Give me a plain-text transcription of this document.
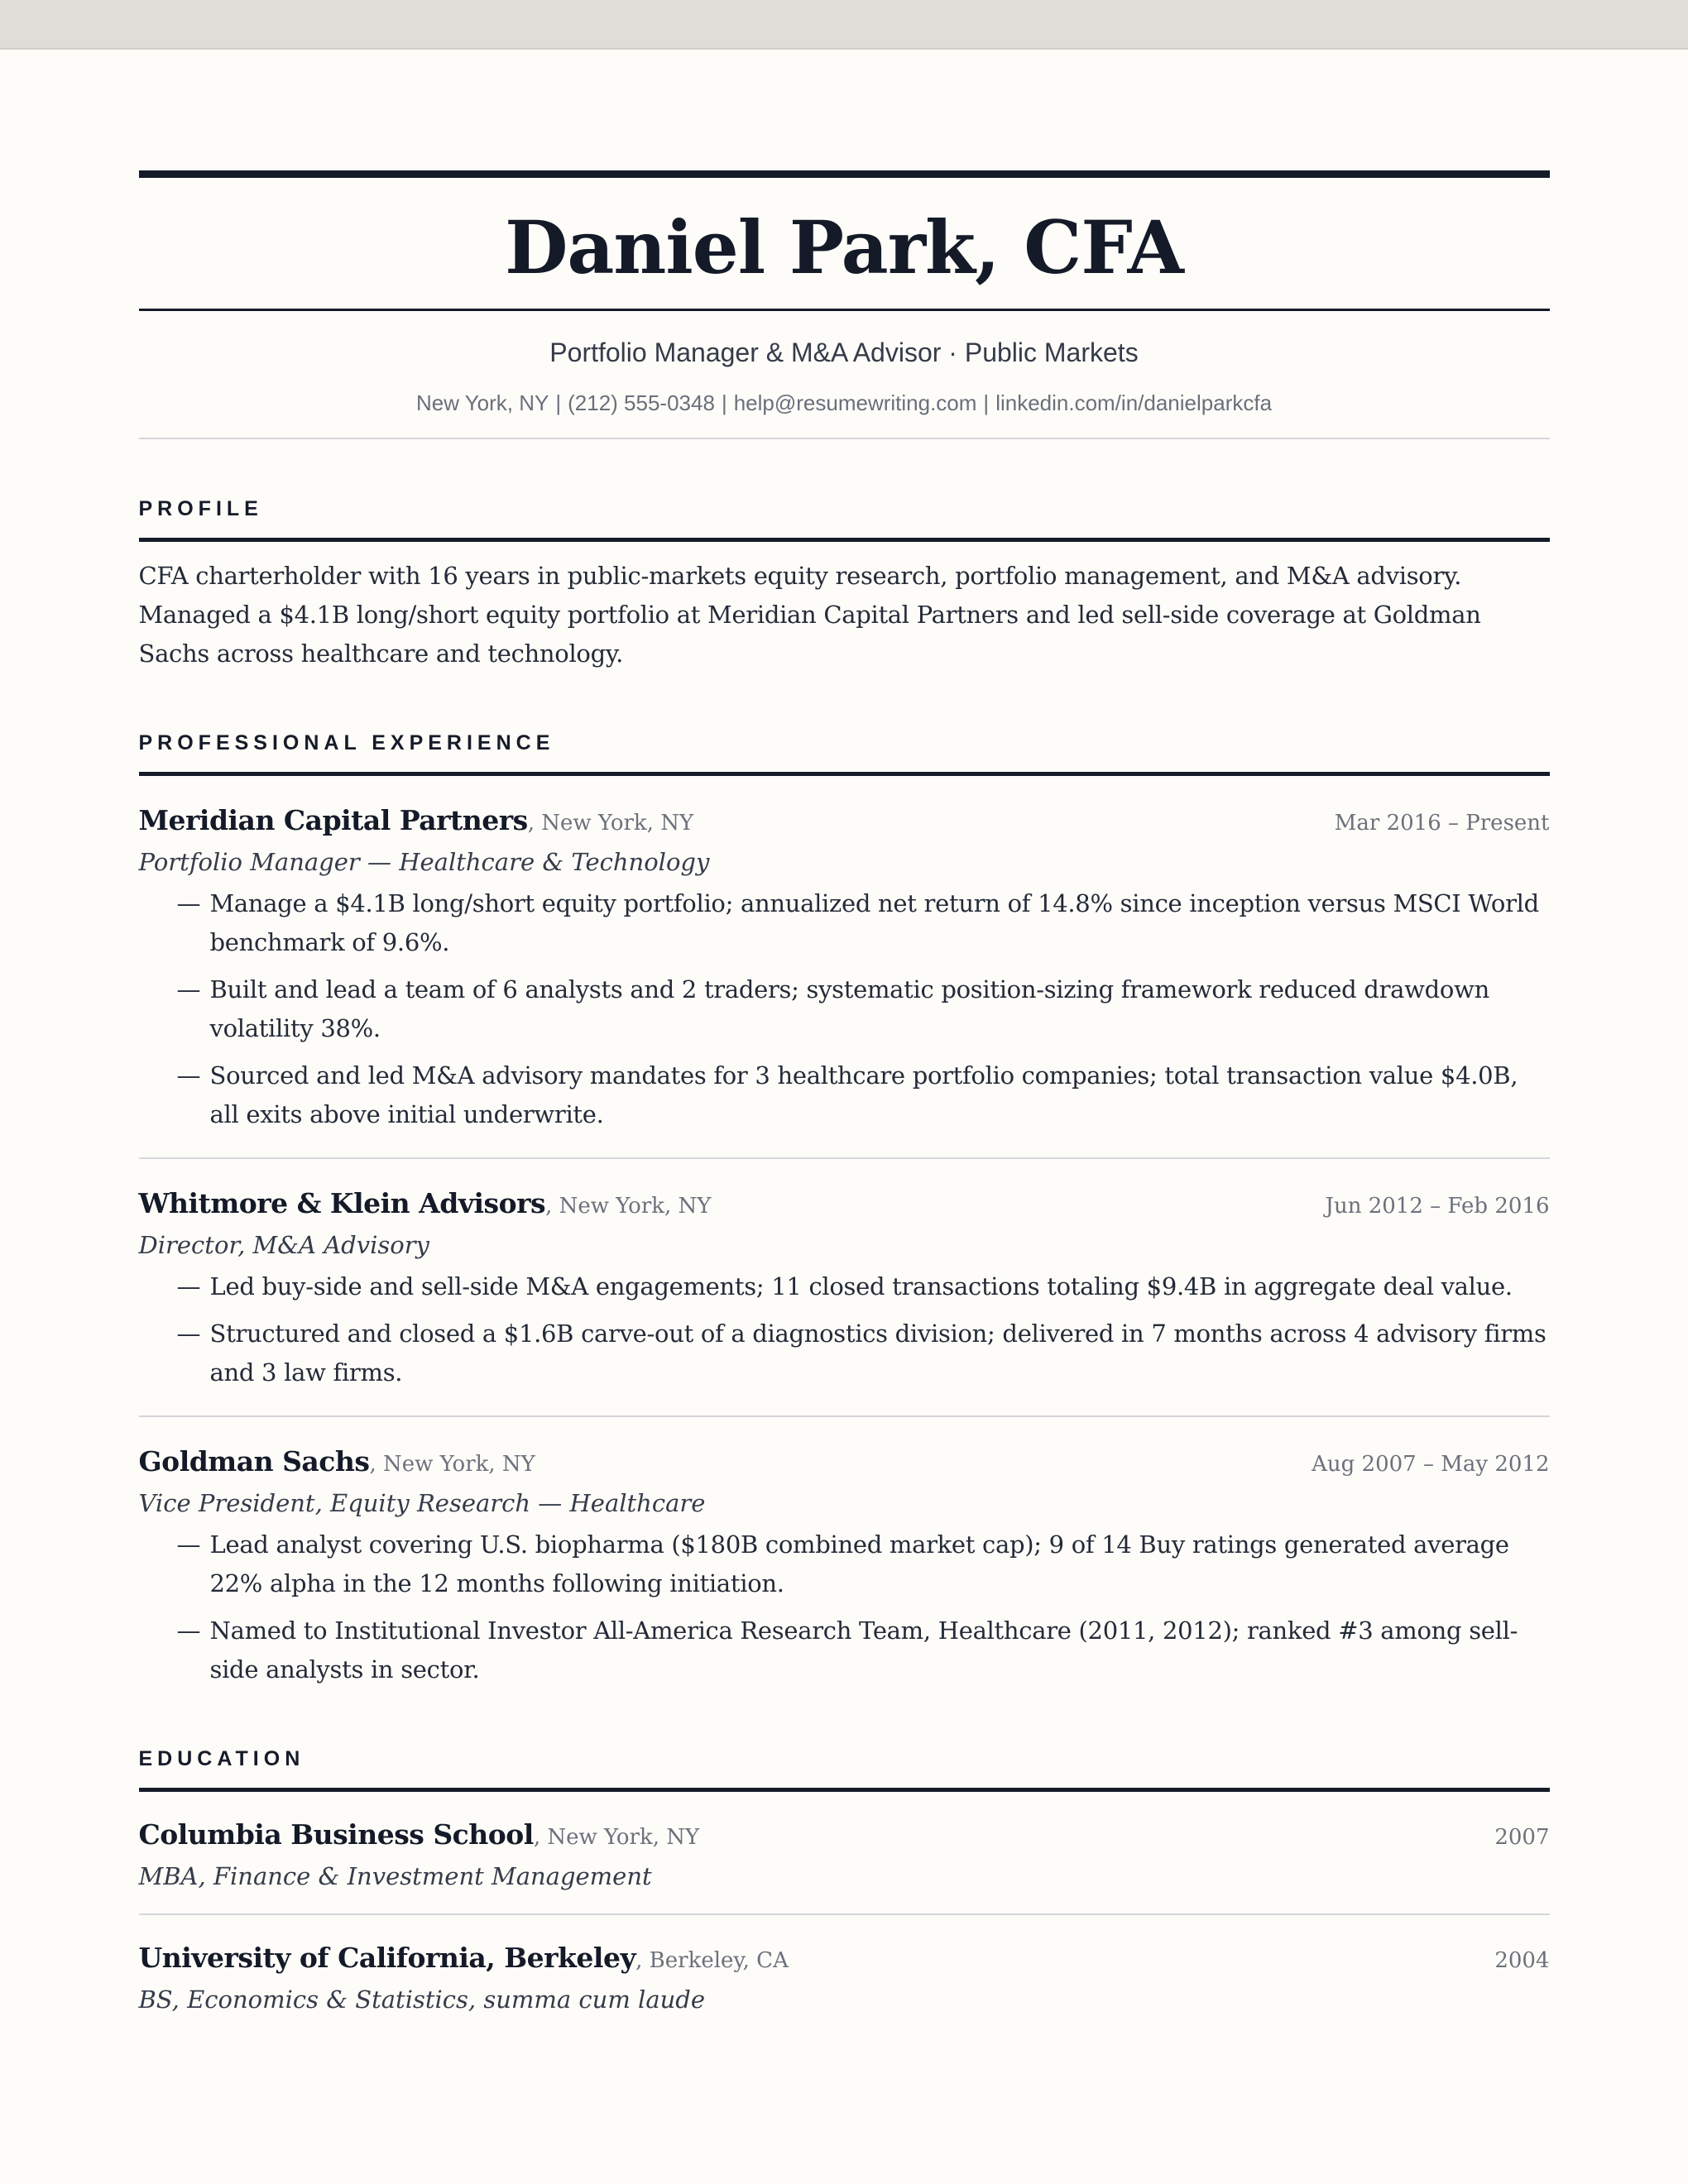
Daniel Park, CFA
Portfolio Manager & M&A Advisor · Public Markets
New York, NY | (212) 555-0348 | help@resumewriting.com | linkedin.com/in/danielparkcfa
PROFILE
CFA charterholder with 16 years in public-markets equity research, portfolio management, and M&A advisory. Managed a $4.1B long/short equity portfolio at Meridian Capital Partners and led sell-side coverage at Goldman Sachs across healthcare and technology.
PROFESSIONAL EXPERIENCE
Meridian Capital Partners, New York, NY	Mar 2016 – Present
Portfolio Manager — Healthcare & Technology
— Manage a $4.1B long/short equity portfolio; annualized net return of 14.8% since inception versus MSCI World benchmark of 9.6%.
— Built and lead a team of 6 analysts and 2 traders; systematic position-sizing framework reduced drawdown volatility 38%.
— Sourced and led M&A advisory mandates for 3 healthcare portfolio companies; total transaction value $4.0B, all exits above initial underwrite.
Whitmore & Klein Advisors, New York, NY	Jun 2012 – Feb 2016
Director, M&A Advisory
— Led buy-side and sell-side M&A engagements; 11 closed transactions totaling $9.4B in aggregate deal value.
— Structured and closed a $1.6B carve-out of a diagnostics division; delivered in 7 months across 4 advisory firms and 3 law firms.
Goldman Sachs, New York, NY	Aug 2007 – May 2012
Vice President, Equity Research — Healthcare
— Lead analyst covering U.S. biopharma ($180B combined market cap); 9 of 14 Buy ratings generated average 22% alpha in the 12 months following initiation.
— Named to Institutional Investor All-America Research Team, Healthcare (2011, 2012); ranked #3 among sell-side analysts in sector.
EDUCATION
Columbia Business School, New York, NY	2007
MBA, Finance & Investment Management
University of California, Berkeley, Berkeley, CA	2004
BS, Economics & Statistics, summa cum laude
